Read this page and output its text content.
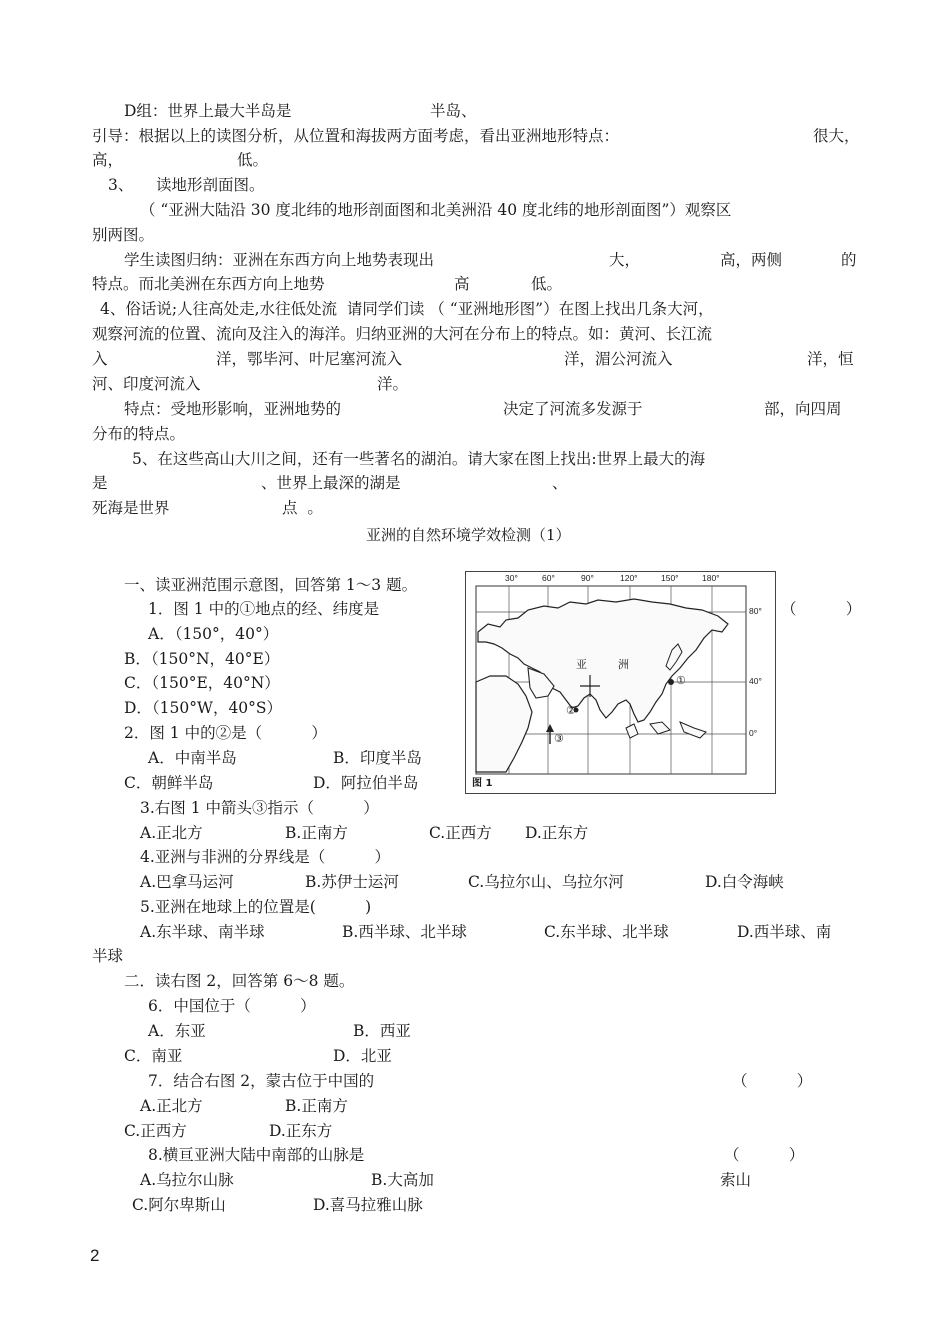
D组：世界上最大半岛是	半岛、
引导：根据以上的读图分析，从位置和海拔两方面考虑，看出亚洲地形特点：	很大，
高，	低。
3、 读地形剖面图。
（ “亚洲大陆沿 30 度北纬的地形剖面图和北美洲沿 40 度北纬的地形剖面图”）观察区
别两图。
学生读图归纳：亚洲在东西方向上地势表现出	大，	高，两侧	的
特点。而北美洲在东西方向上地势	高	低。
4、俗话说;人往高处走,水往低处流  请同学们读 （ “亚洲地形图”）在图上找出几条大河，
观察河流的位置、流向及注入的海洋。归纳亚洲的大河在分布上的特点。如：黄河、长江流
入	洋，鄂毕河、叶尼塞河流入	洋，湄公河流入	洋，恒
河、印度河流入	洋。
特点：受地形影响，亚洲地势的	决定了河流多发源于	部，向四周
分布的特点。
5、在这些高山大川之间，还有一些著名的湖泊。请大家在图上找出:世界上最大的海
是	、世界上最深的湖是	、
死海是世界	点  。
亚洲的自然环境学效检测（1）
一、读亚洲范围示意图，回答第 1～3 题。
1．图 1 中的①地点的经、纬度是	（          ）
A．（150°，40°）
B．（150°N，40°E）
C．（150°E，40°N）
D．（150°W，40°S）
2．图 1 中的②是（          ）
A．中南半岛	B．印度半岛
C．朝鲜半岛	D．阿拉伯半岛
3.右图 1 中箭头③指示（          ）
A.正北方	B.正南方	C.正西方 D.正东方
4.亚洲与非洲的分界线是（          ）
A.巴拿马运河	B.苏伊士运河	C.乌拉尔山、乌拉尔河	D.白令海峡
5.亚洲在地球上的位置是(          )
A.东半球、南半球	B.西半球、北半球	C.东半球、北半球	D.西半球、南
半球
二．读右图 2，回答第 6～8 题。
6．中国位于（          ）
A．东亚	B．西亚
C．南亚	D．北亚
7．结合右图 2，蒙古位于中国的	（          ）
A.正北方	B.正南方
C.正西方	D.正东方
8.横亘亚洲大陆中南部的山脉是	（          ）
A.乌拉尔山脉	B.大高加	索山
C.阿尔卑斯山	D.喜马拉雅山脉
30°	60°	90°	120°	150°	180°
80°
40°
0°
亚	洲
①
②
③
图 1
2
